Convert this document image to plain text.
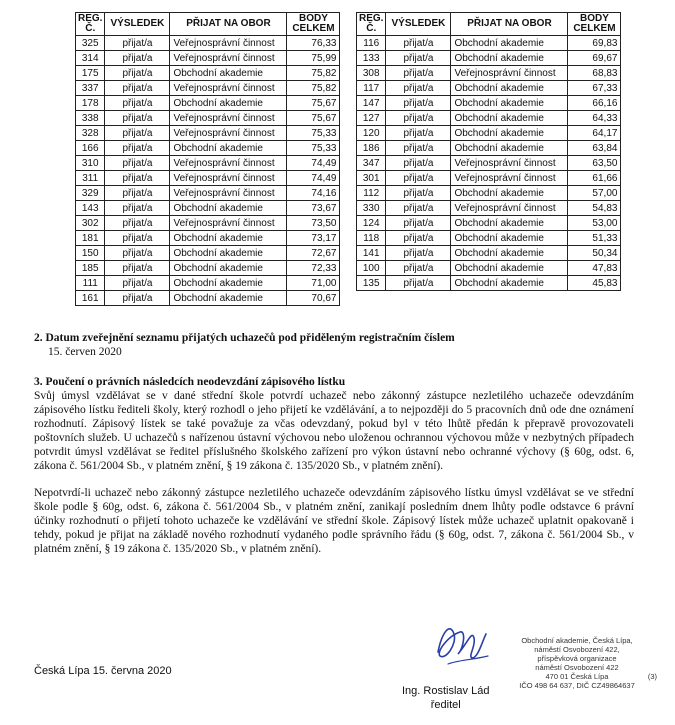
REG. Č.	VÝSLEDEK	PŘIJAT NA OBOR	BODY CELKEM
325	přijat/a	Veřejnosprávní činnost	76,33
314	přijat/a	Veřejnosprávní činnost	75,99
175	přijat/a	Obchodní akademie	75,82
337	přijat/a	Veřejnosprávní činnost	75,82
178	přijat/a	Obchodní akademie	75,67
338	přijat/a	Veřejnosprávní činnost	75,67
328	přijat/a	Veřejnosprávní činnost	75,33
166	přijat/a	Obchodní akademie	75,33
310	přijat/a	Veřejnosprávní činnost	74,49
311	přijat/a	Veřejnosprávní činnost	74,49
329	přijat/a	Veřejnosprávní činnost	74,16
143	přijat/a	Obchodní akademie	73,67
302	přijat/a	Veřejnosprávní činnost	73,50
181	přijat/a	Obchodní akademie	73,17
150	přijat/a	Obchodní akademie	72,67
185	přijat/a	Obchodní akademie	72,33
111	přijat/a	Obchodní akademie	71,00
161	přijat/a	Obchodní akademie	70,67
REG. Č.	VÝSLEDEK	PŘIJAT NA OBOR	BODY CELKEM
116	přijat/a	Obchodní akademie	69,83
133	přijat/a	Obchodní akademie	69,67
308	přijat/a	Veřejnosprávní činnost	68,83
117	přijat/a	Obchodní akademie	67,33
147	přijat/a	Obchodní akademie	66,16
127	přijat/a	Obchodní akademie	64,33
120	přijat/a	Obchodní akademie	64,17
186	přijat/a	Obchodní akademie	63,84
347	přijat/a	Veřejnosprávní činnost	63,50
301	přijat/a	Veřejnosprávní činnost	61,66
112	přijat/a	Obchodní akademie	57,00
330	přijat/a	Veřejnosprávní činnost	54,83
124	přijat/a	Obchodní akademie	53,00
118	přijat/a	Obchodní akademie	51,33
141	přijat/a	Obchodní akademie	50,34
100	přijat/a	Obchodní akademie	47,83
135	přijat/a	Obchodní akademie	45,83
2. Datum zveřejnění seznamu přijatých uchazečů pod přiděleným registračním číslem
15. červen 2020
3. Poučení o právních následcích neodevzdání zápisového lístku
Svůj úmysl vzdělávat se v dané střední škole potvrdí uchazeč nebo zákonný zástupce nezletilého uchazeče odevzdáním zápisového lístku řediteli školy, který rozhodl o jeho přijetí ke vzdělávání, a to nejpozději do 5 pracovních dnů ode dne oznámení rozhodnutí. Zápisový lístek se také považuje za včas odevzdaný, pokud byl v této lhůtě předán k přepravě provozovateli poštovních služeb. U uchazečů s nařízenou ústavní výchovou nebo uloženou ochrannou výchovou může v nezbytných případech potvrdit úmysl vzdělávat se ředitel příslušného školského zařízení pro výkon ústavní nebo ochranné výchovy (§ 60g, odst. 6, zákona č. 561/2004 Sb., v platném znění, § 19 zákona č. 135/2020 Sb., v platném znění).
Nepotvrdí-li uchazeč nebo zákonný zástupce nezletilého uchazeče odevzdáním zápisového lístku úmysl vzdělávat se ve střední škole podle § 60g, odst. 6, zákona č. 561/2004 Sb., v platném znění, zanikají posledním dnem lhůty podle odstavce 6 právní účinky rozhodnutí o přijetí tohoto uchazeče ke vzdělávání ve střední škole. Zápisový lístek může uchazeč uplatnit opakovaně i tehdy, pokud je přijat na základě nového rozhodnutí vydaného podle správního řádu (§ 60g, odst. 7, zákona č. 561/2004 Sb., v platném znění, § 19 zákona č. 135/2020 Sb., v platném znění).
Česká Lípa 15. června 2020
Obchodní akademie, Česká Lípa,
náměstí Osvobození 422,
příspěvková organizace
náměstí Osvobození 422
470 01 Česká Lípa
IČO 498 64 637, DIČ CZ49864637
(3)
Ing. Rostislav Lád
ředitel
